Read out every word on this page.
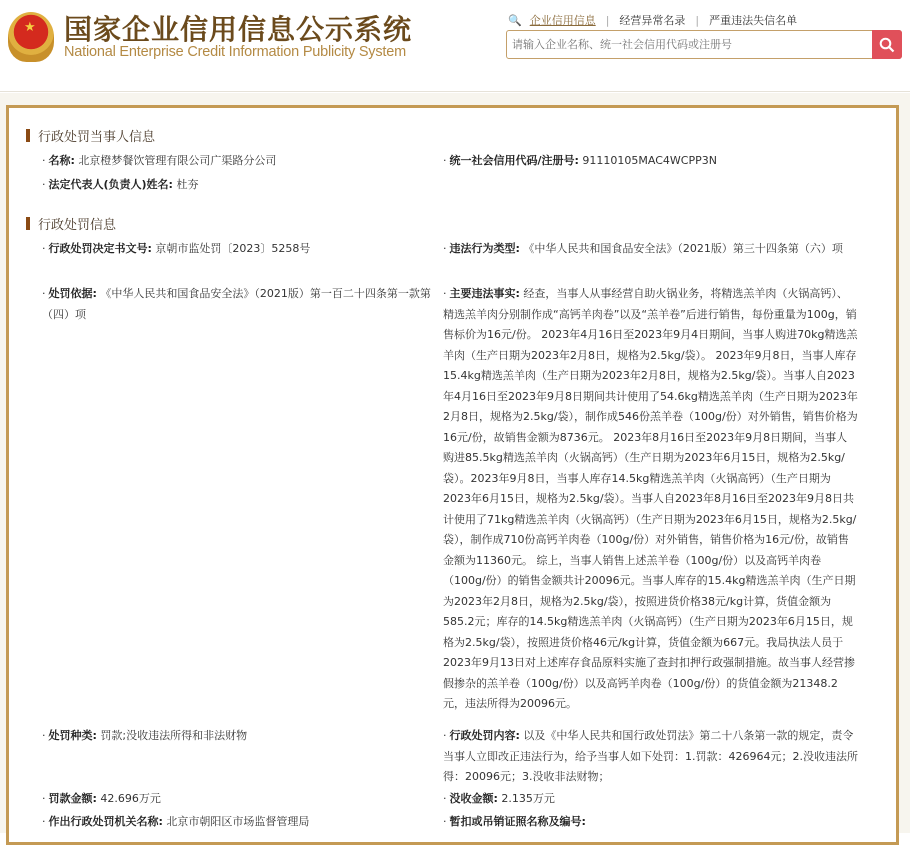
★ 国家企业信用信息公示系统
National Enterprise Credit Information Publicity System
🔍 企业信用信息 | 经营异常名录 | 严重违法失信名单
请输入企业名称、统一社会信用代码或注册号
行政处罚当事人信息
· 名称: 北京橙梦餐饮管理有限公司广渠路分公司	· 统一社会信用代码/注册号: 91110105MAC4WCPP3N
· 法定代表人(负责人)姓名: 杜夯
行政处罚信息
· 行政处罚决定书文号: 京朝市监处罚〔2023〕5258号	· 违法行为类型: 《中华人民共和国食品安全法》（2021版）第三十四条第（六）项
· 处罚依据: 《中华人民共和国食品安全法》（2021版）第一百二十四条第一款第（四）项
· 主要违法事实: 经查，当事人从事经营自助火锅业务，将精选羔羊肉（火锅高钙）、精选羔羊肉分别制作成“高钙羊肉卷”以及“羔羊卷”后进行销售，每份重量为100g，销售标价为16元/份。 2023年4月16日至2023年9月4日期间，当事人购进70kg精选羔羊肉（生产日期为2023年2月8日，规格为2.5kg/袋）。 2023年9月8日，当事人库存15.4kg精选羔羊肉（生产日期为2023年2月8日，规格为2.5kg/袋）。当事人自2023年4月16日至2023年9月8日期间共计使用了54.6kg精选羔羊肉（生产日期为2023年2月8日，规格为2.5kg/袋），制作成546份羔羊卷（100g/份）对外销售，销售价格为16元/份，故销售金额为8736元。 2023年8月16日至2023年9月8日期间，当事人购进85.5kg精选羔羊肉（火锅高钙）（生产日期为2023年6月15日，规格为2.5kg/袋）。2023年9月8日，当事人库存14.5kg精选羔羊肉（火锅高钙）（生产日期为2023年6月15日，规格为2.5kg/袋）。当事人自2023年8月16日至2023年9月8日共计使用了71kg精选羔羊肉（火锅高钙）（生产日期为2023年6月15日，规格为2.5kg/袋），制作成710份高钙羊肉卷（100g/份）对外销售，销售价格为16元/份，故销售金额为11360元。 综上，当事人销售上述羔羊卷（100g/份）以及高钙羊肉卷（100g/份）的销售金额共计20096元。当事人库存的15.4kg精选羔羊肉（生产日期为2023年2月8日，规格为2.5kg/袋），按照进货价格38元/kg计算，货值金额为585.2元；库存的14.5kg精选羔羊肉（火锅高钙）（生产日期为2023年6月15日，规格为2.5kg/袋），按照进货价格46元/kg计算，货值金额为667元。我局执法人员于2023年9月13日对上述库存食品原料实施了查封扣押行政强制措施。故当事人经营掺假掺杂的羔羊卷（100g/份）以及高钙羊肉卷（100g/份）的货值金额为21348.2元，违法所得为20096元。
· 处罚种类: 罚款;没收违法所得和非法财物	· 行政处罚内容: 以及《中华人民共和国行政处罚法》第二十八条第一款的规定，责令当事人立即改正违法行为，给予当事人如下处罚：1.罚款：426964元；2.没收违法所得：20096元；3.没收非法财物；
· 罚款金额: 42.696万元	· 没收金额: 2.135万元
· 作出行政处罚机关名称: 北京市朝阳区市场监督管理局	· 暂扣或吊销证照名称及编号:
